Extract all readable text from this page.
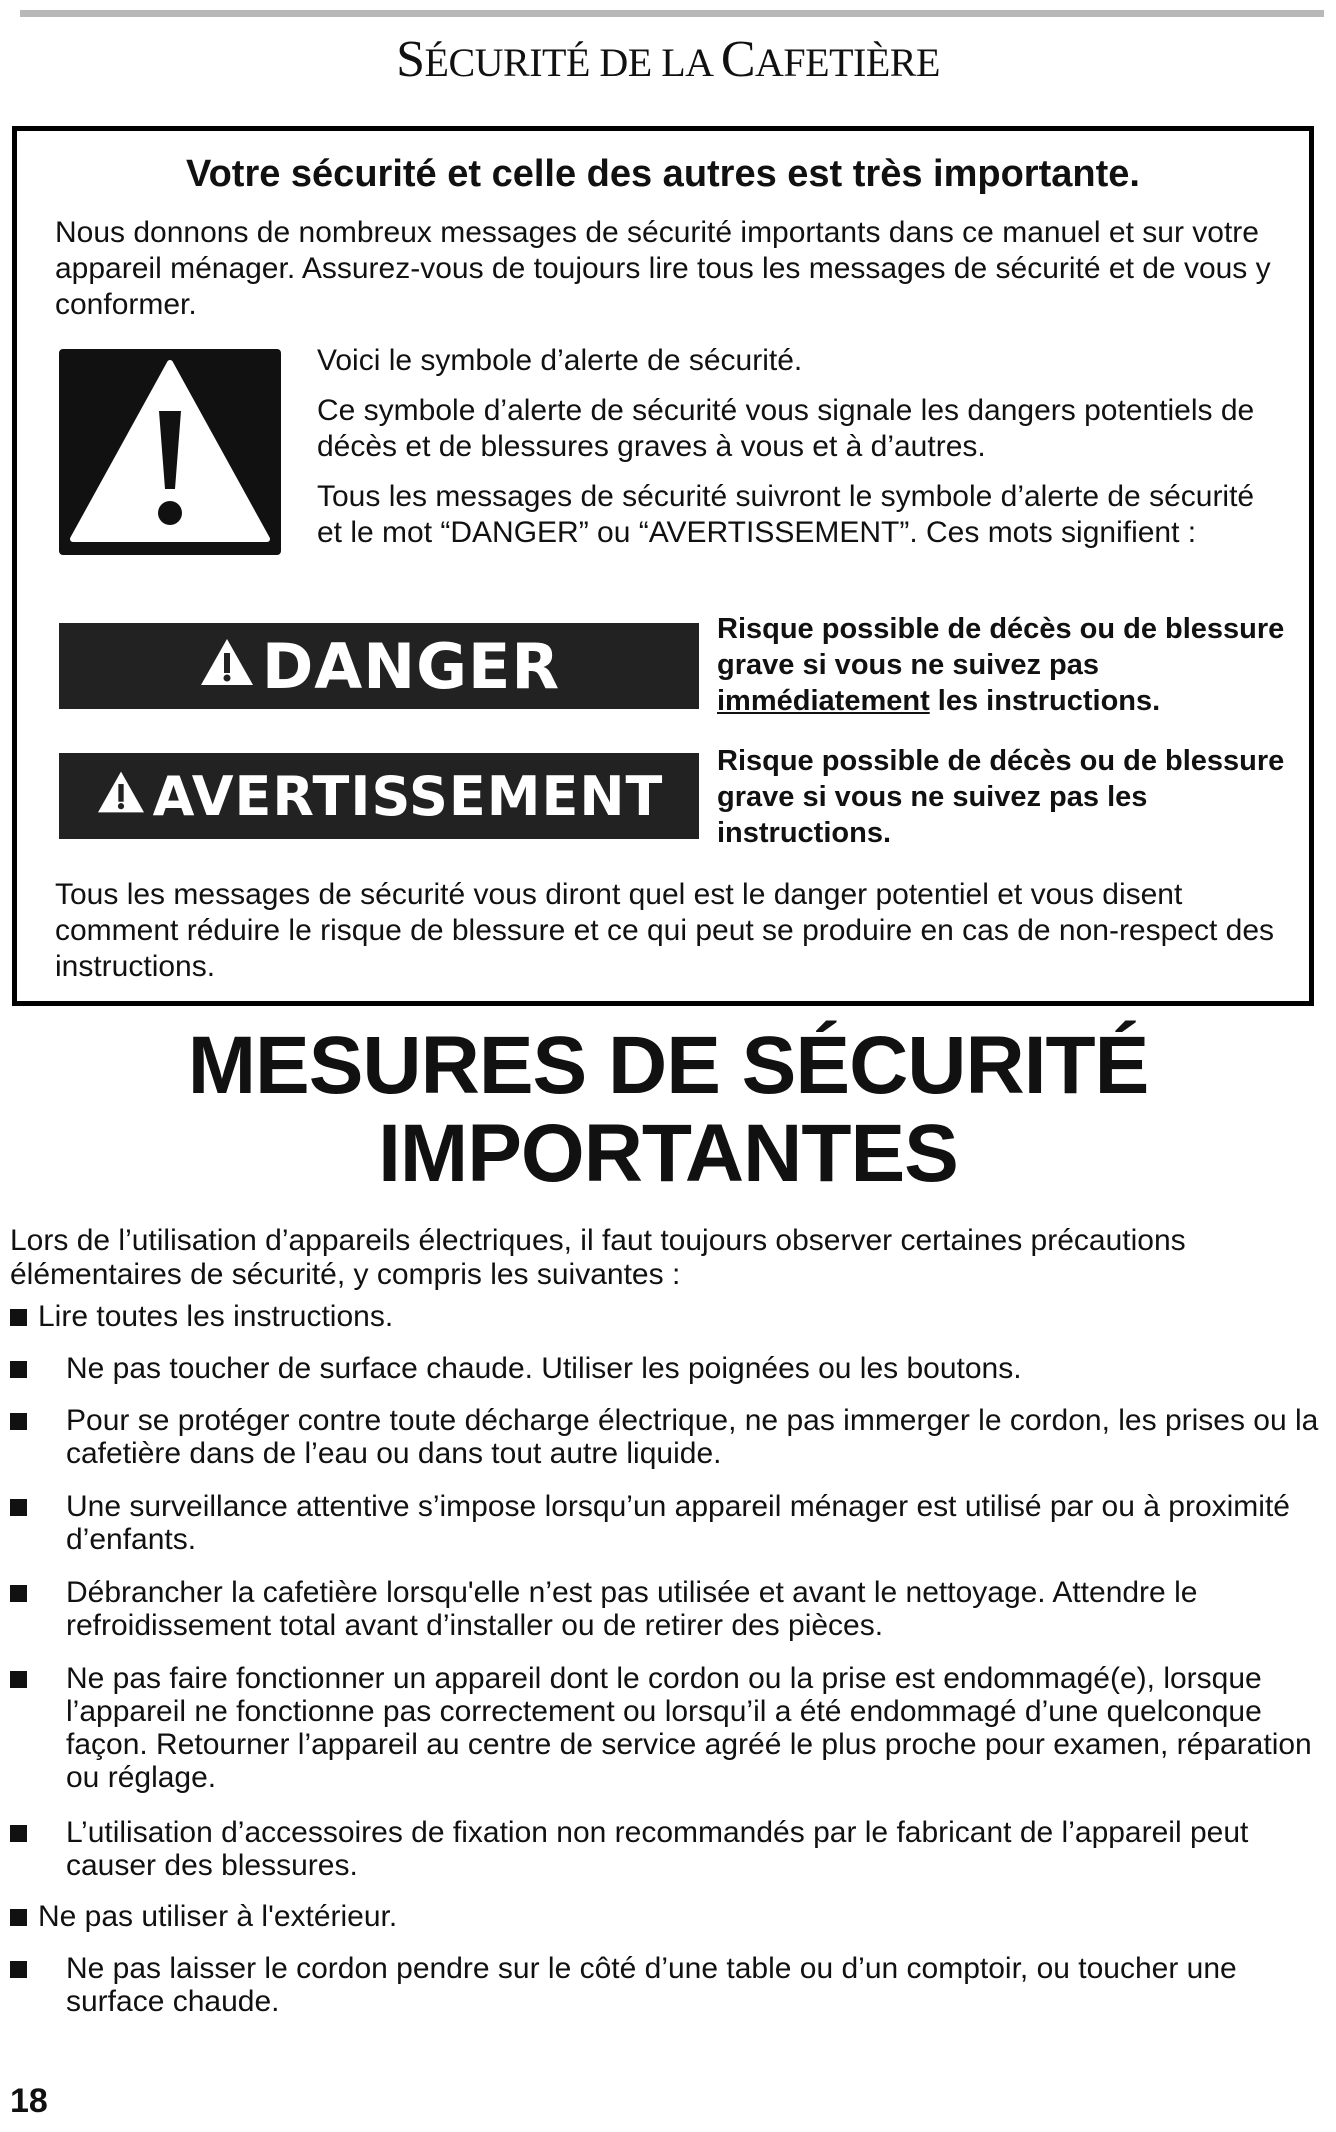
SÉCURITÉ DE LA CAFETIÈRE
Votre sécurité et celle des autres est très importante.
Nous donnons de nombreux messages de sécurité importants dans ce manuel et sur votre appareil ménager. Assurez-vous de toujours lire tous les messages de sécurité et de vous y conformer.
Voici le symbole d’alerte de sécurité.
Ce symbole d’alerte de sécurité vous signale les dangers potentiels de décès et de blessures graves à vous et à d’autres.
Tous les messages de sécurité suivront le symbole d’alerte de sécurité et le mot “DANGER” ou “AVERTISSEMENT”. Ces mots signifient :
DANGER
Risque possible de décès ou de blessure grave si vous ne suivez pas immédiatement les instructions.
AVERTISSEMENT
Risque possible de décès ou de blessure grave si vous ne suivez pas les instructions.
Tous les messages de sécurité vous diront quel est le danger potentiel et vous disent comment réduire le risque de blessure et ce qui peut se produire en cas de non-respect des instructions.
MESURES DE SÉCURITÉ
IMPORTANTES
Lors de l’utilisation d’appareils électriques, il faut toujours observer certaines précautions élémentaires de sécurité, y compris les suivantes :
Lire toutes les instructions.
Ne pas toucher de surface chaude. Utiliser les poignées ou les boutons.
Pour se protéger contre toute décharge électrique, ne pas immerger le cordon, les prises ou la cafetière dans de l’eau ou dans tout autre liquide.
Une surveillance attentive s’impose lorsqu’un appareil ménager est utilisé par ou à proximité d’enfants.
Débrancher la cafetière lorsqu'elle n’est pas utilisée et avant le nettoyage. Attendre le refroidissement total avant d’installer ou de retirer des pièces.
Ne pas faire fonctionner un appareil dont le cordon ou la prise est endommagé(e), lorsque l’appareil ne fonctionne pas correctement ou lorsqu’il a été endommagé d’une quelconque façon. Retourner l’appareil au centre de service agréé le plus proche pour examen, réparation ou réglage.
L’utilisation d’accessoires de fixation non recommandés par le fabricant de l’appareil peut causer des blessures.
Ne pas utiliser à l'extérieur.
Ne pas laisser le cordon pendre sur le côté d’une table ou d’un comptoir, ou toucher une surface chaude.
18
